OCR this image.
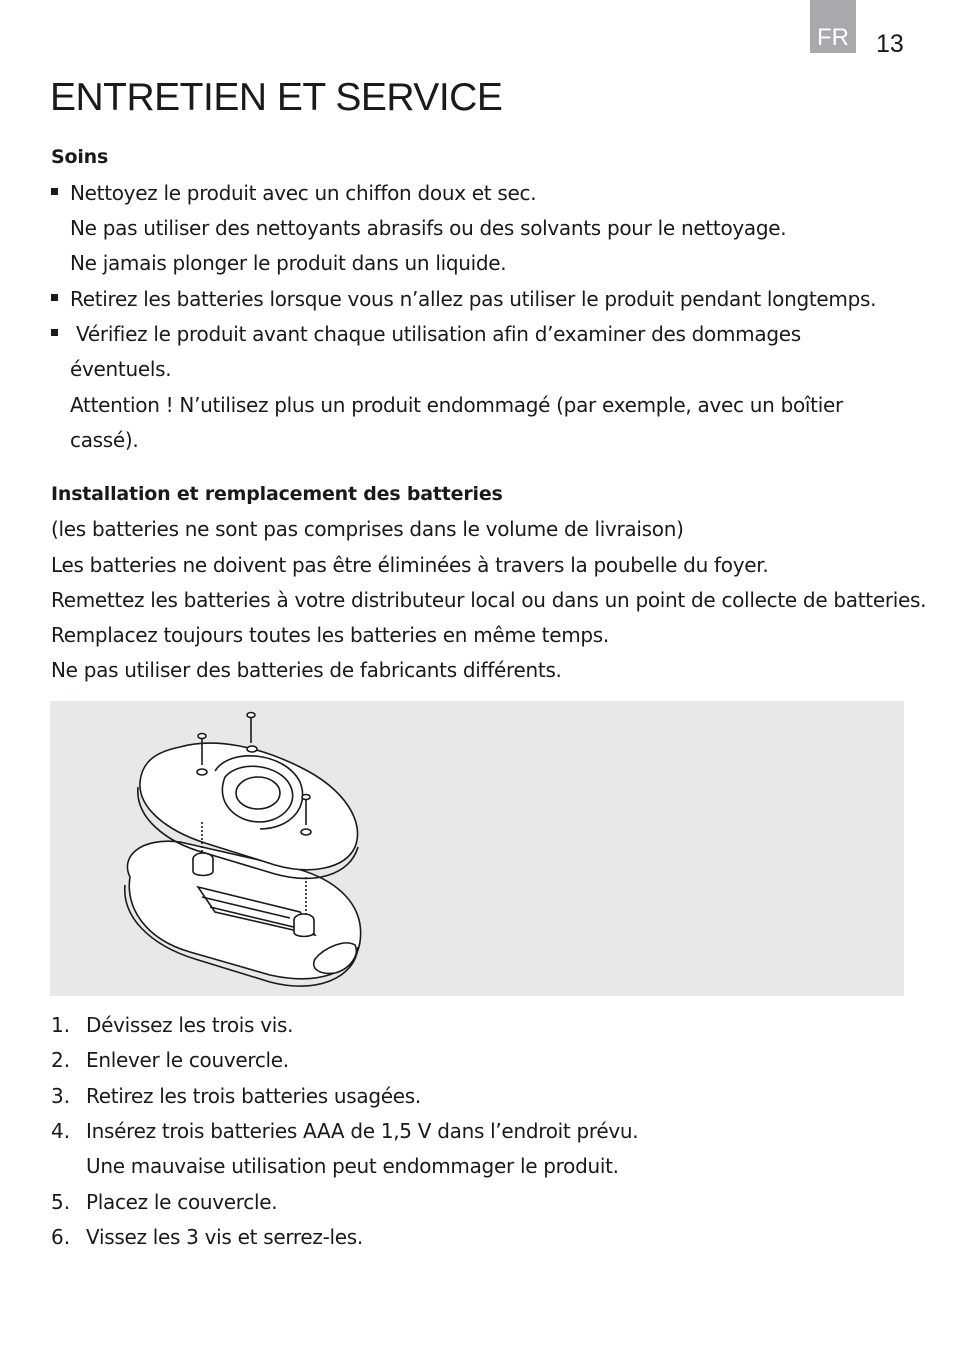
FR 13
ENTRETIEN ET SERVICE
Soins
Nettoyez le produit avec un chiffon doux et sec.
Ne pas utiliser des nettoyants abrasifs ou des solvants pour le nettoyage.
Ne jamais plonger le produit dans un liquide.
Retirez les batteries lorsque vous n’allez pas utiliser le produit pendant longtemps.
Vérifiez le produit avant chaque utilisation afin d’examiner des dommages
éventuels.
Attention ! N’utilisez plus un produit endommagé (par exemple, avec un boîtier
cassé).
Installation et remplacement des batteries
(les batteries ne sont pas comprises dans le volume de livraison)
Les batteries ne doivent pas être éliminées à travers la poubelle du foyer.
Remettez les batteries à votre distributeur local ou dans un point de collecte de batteries.
Remplacez toujours toutes les batteries en même temps.
Ne pas utiliser des batteries de fabricants différents.
1. Dévissez les trois vis.
2. Enlever le couvercle.
3. Retirez les trois batteries usagées.
4. Insérez trois batteries AAA de 1,5 V dans l’endroit prévu.
Une mauvaise utilisation peut endommager le produit.
5. Placez le couvercle.
6. Vissez les 3 vis et serrez-les.
